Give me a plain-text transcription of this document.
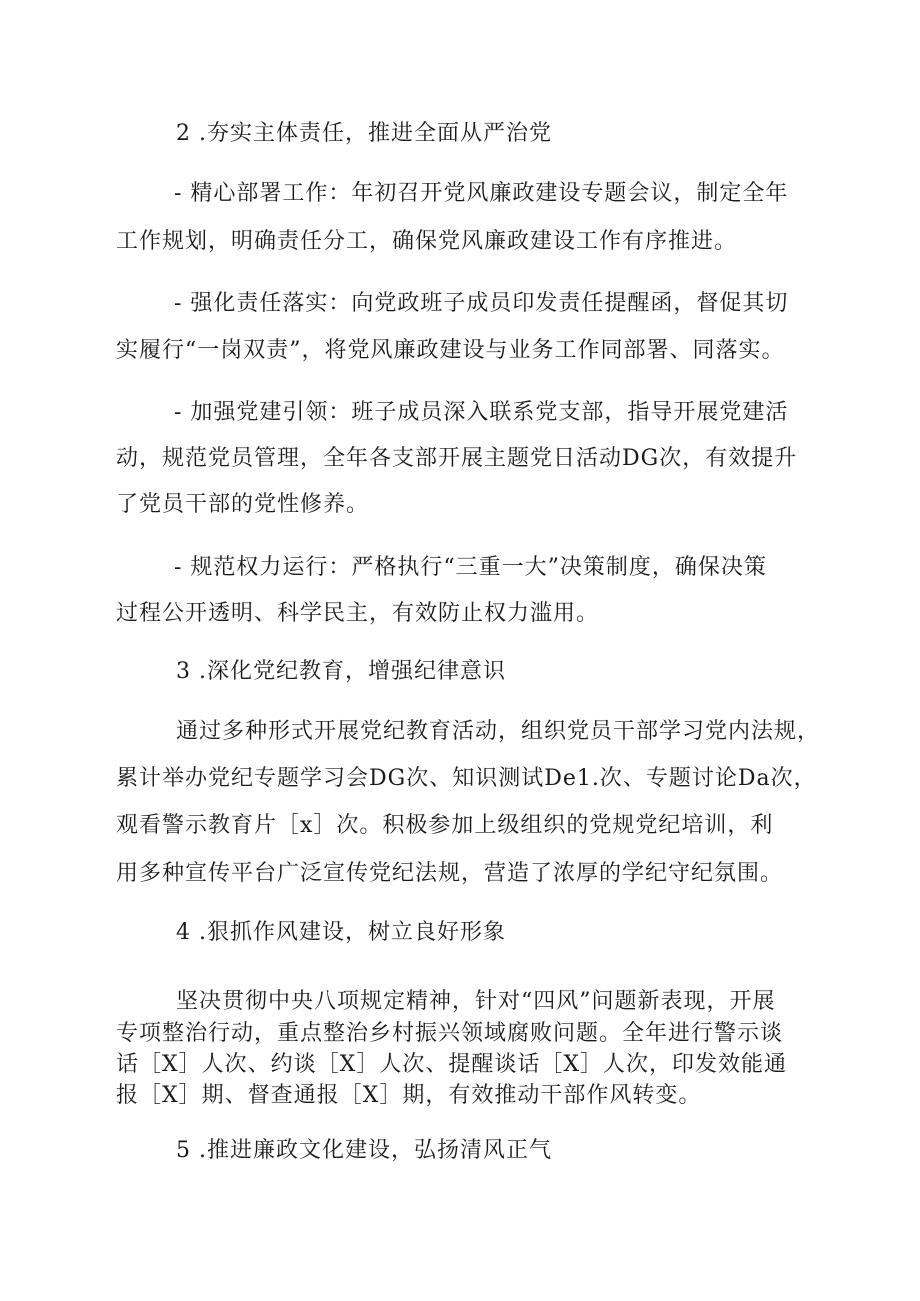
2 .夯实主体责任，推进全面从严治党

- 精心部署工作：年初召开党风廉政建设专题会议，制定全年

工作规划，明确责任分工，确保党风廉政建设工作有序推进。

- 强化责任落实：向党政班子成员印发责任提醒函，督促其切

实履行“一岗双责”，将党风廉政建设与业务工作同部署、同落实。

- 加强党建引领：班子成员深入联系党支部，指导开展党建活

动，规范党员管理，全年各支部开展主题党日活动DG次，有效提升

了党员干部的党性修养。

- 规范权力运行：严格执行“三重一大”决策制度，确保决策

过程公开透明、科学民主，有效防止权力滥用。

3 .深化党纪教育，增强纪律意识

通过多种形式开展党纪教育活动，组织党员干部学习党内法规，

累计举办党纪专题学习会DG次、知识测试De1.次、专题讨论Da次，

观看警示教育片［x］次。积极参加上级组织的党规党纪培训，利

用多种宣传平台广泛宣传党纪法规，营造了浓厚的学纪守纪氛围。

4 .狠抓作风建设，树立良好形象

坚决贯彻中央八项规定精神，针对“四风”问题新表现，开展

专项整治行动，重点整治乡村振兴领域腐败问题。全年进行警示谈

话［X］人次、约谈［X］人次、提醒谈话［X］人次，印发效能通

报［X］期、督查通报［X］期，有效推动干部作风转变。

5 .推进廉政文化建设，弘扬清风正气
